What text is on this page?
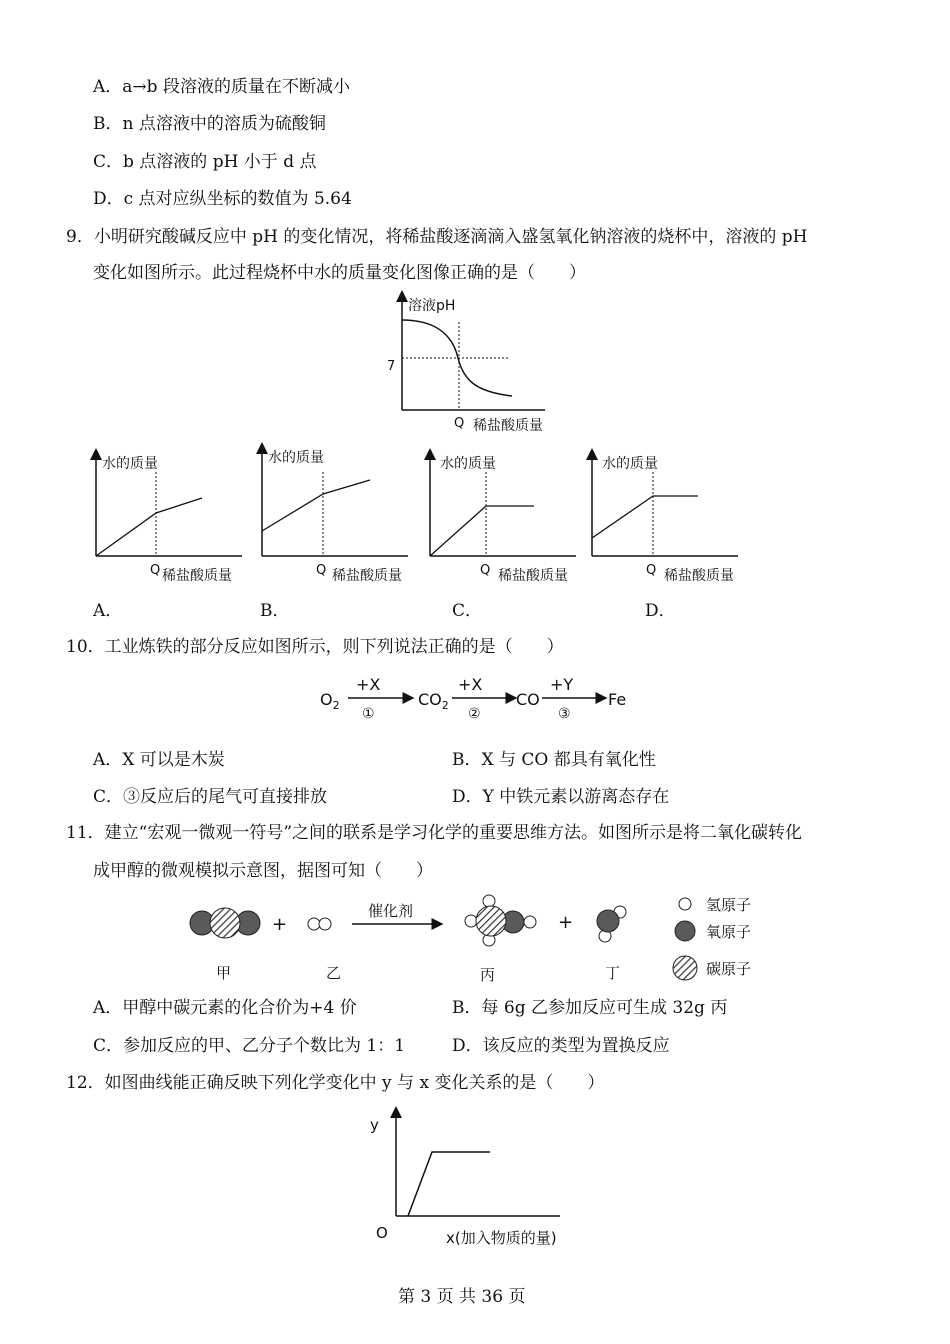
A．a→b 段溶液的质量在不断减小
B．n 点溶液中的溶质为硫酸铜
C．b 点溶液的 pH 小于 d 点
D．c 点对应纵坐标的数值为 5.64
9．小明研究酸碱反应中 pH 的变化情况，将稀盐酸逐滴滴入盛氢氧化钠溶液的烧杯中，溶液的 pH
变化如图所示。此过程烧杯中水的质量变化图像正确的是（　　）
溶液pH
7
Q 稀盐酸质量
水的质量
Q 稀盐酸质量
水的质量
Q 稀盐酸质量
水的质量
Q 稀盐酸质量
水的质量
Q 稀盐酸质量
A．	B．	C．	D．
10．工业炼铁的部分反应如图所示，则下列说法正确的是（　　）
$O_2$
+X
①
$CO_2$
+X
②
CO
+Y
③
Fe
A．X 可以是木炭	B．X 与 CO 都具有氧化性
C．③反应后的尾气可直接排放	D．Y 中铁元素以游离态存在
11．建立“宏观一微观一符号”之间的联系是学习化学的重要思维方法。如图所示是将二氧化碳转化
成甲醇的微观模拟示意图，据图可知（　　）
+
催化剂
+
甲	乙	丙	丁
氢原子
氧原子
碳原子
A．甲醇中碳元素的化合价为+4 价	B．每 6g 乙参加反应可生成 32g 丙
C．参加反应的甲、乙分子个数比为 1：1	D．该反应的类型为置换反应
12．如图曲线能正确反映下列化学变化中 y 与 x 变化关系的是（　　）
y
O	x(加入物质的量)
第 3 页 共 36 页
